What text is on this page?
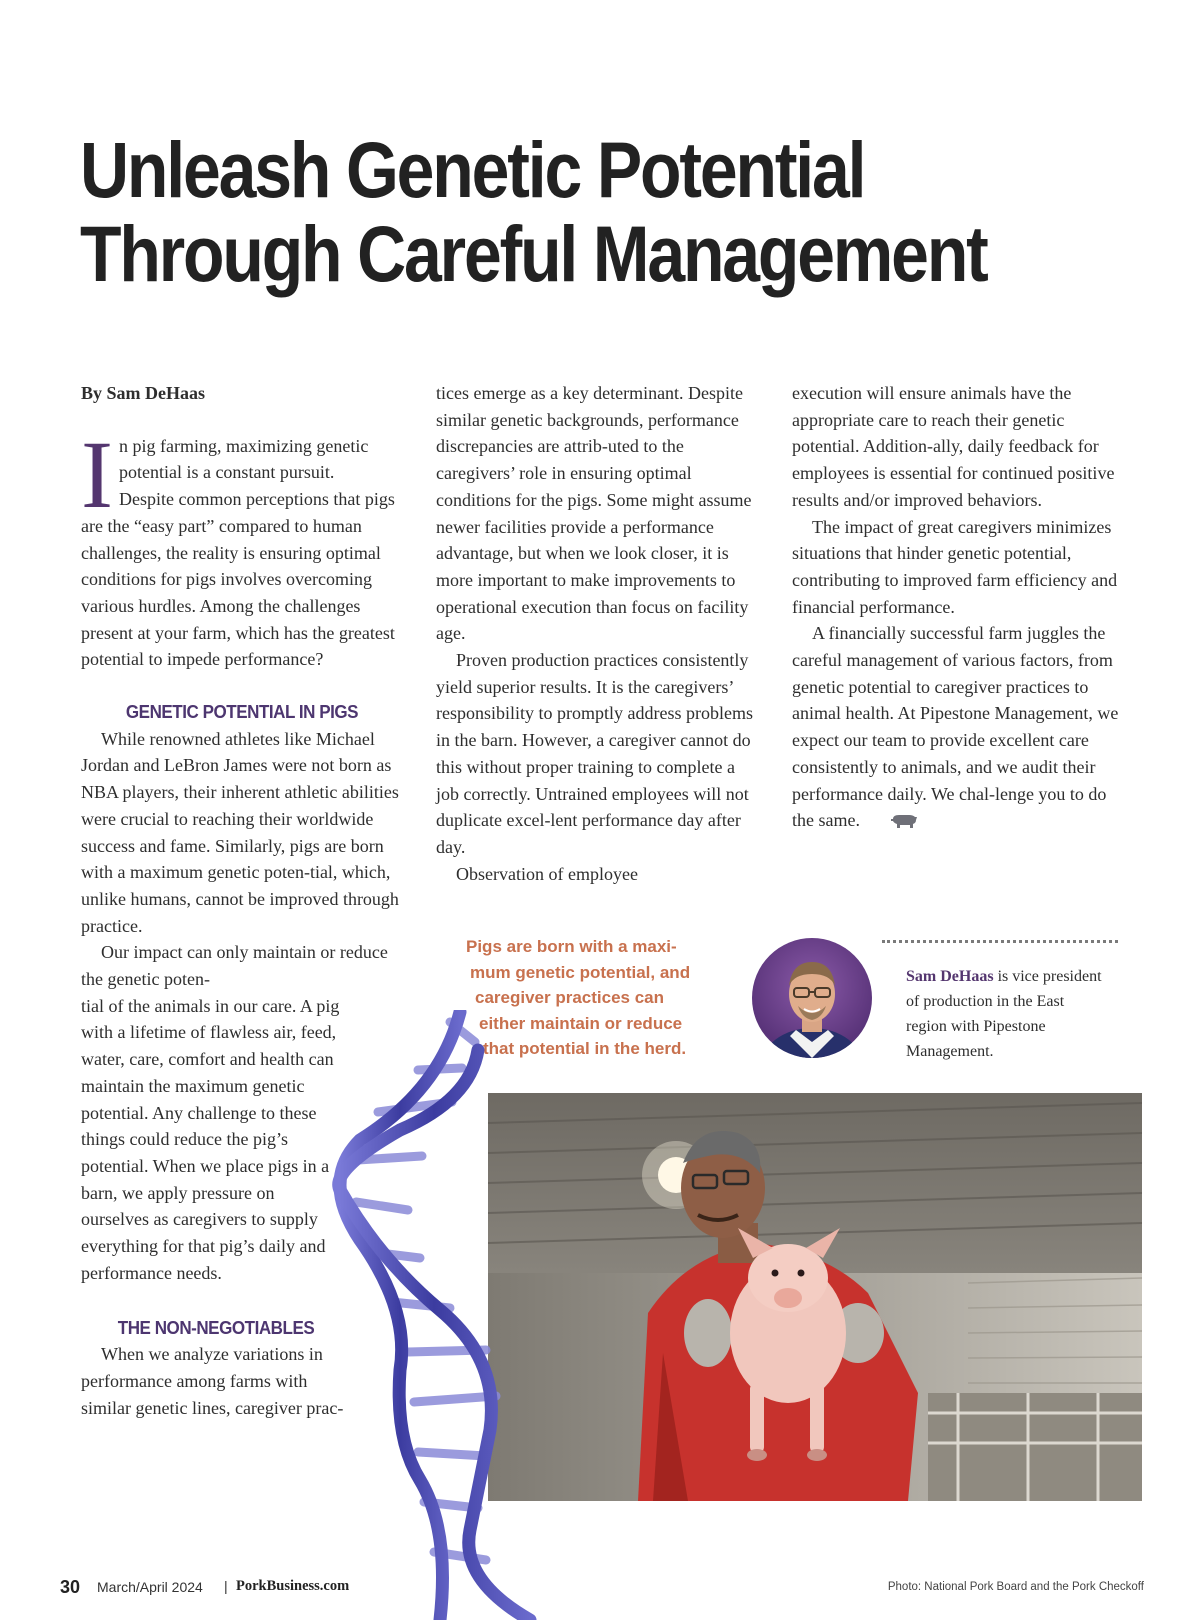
Unleash Genetic Potential
Through Careful Management

By Sam DeHaas

I n pig farming, maximizing genetic
potential is a constant pursuit.
Despite common perceptions that pigs are the “easy part” compared to human challenges, the reality is ensuring optimal conditions for pigs involves overcoming various hurdles. Among the challenges present at your farm, which has the greatest potential to impede performance?

GENETIC POTENTIAL IN PIGS

While renowned athletes like Michael Jordan and LeBron James were not born as NBA players, their inherent athletic abilities were crucial to reaching their worldwide success and fame. Similarly, pigs are born with a maximum genetic poten-tial, which, unlike humans, cannot be improved through practice.

Our impact can only maintain or reduce the genetic poten-

tial of the animals in our care. A pig with a lifetime of flawless air, feed, water, care, comfort and health can maintain the maximum genetic potential. Any challenge to these things could reduce the pig’s potential. When we place pigs in a barn, we apply pressure on ourselves as caregivers to supply everything for that pig’s daily and performance needs.

THE NON-NEGOTIABLES

When we analyze variations in performance among farms with similar genetic lines, caregiver prac-

tices emerge as a key determinant. Despite similar genetic backgrounds, performance discrepancies are attrib-uted to the caregivers’ role in ensuring optimal conditions for the pigs. Some might assume newer facilities provide a performance advantage, but when we look closer, it is more important to make improvements to operational execution than focus on facility age.

Proven production practices consistently yield superior results. It is the caregivers’ responsibility to promptly address problems in the barn. However, a caregiver cannot do this without proper training to complete a job correctly. Untrained employees will not duplicate excel-lent performance day after day.

Observation of employee

execution will ensure animals have the appropriate care to reach their genetic potential. Addition-ally, daily feedback for employees is essential for continued positive results and/or improved behaviors.

The impact of great caregivers minimizes situations that hinder genetic potential, contributing to improved farm efficiency and financial performance.

A financially successful farm juggles the careful management of various factors, from genetic potential to caregiver practices to animal health. At Pipestone Management, we expect our team to provide excellent care consistently to animals, and we audit their performance daily. We chal-lenge you to do the same.

Pigs are born with a maxi-
mum genetic potential, and
caregiver practices can
either maintain or reduce
that potential in the herd.
Sam DeHaas is vice president of production in the East region with Pipestone Management.
30 March/April 2024 | PorkBusiness.com	Photo: National Pork Board and the Pork Checkoff
